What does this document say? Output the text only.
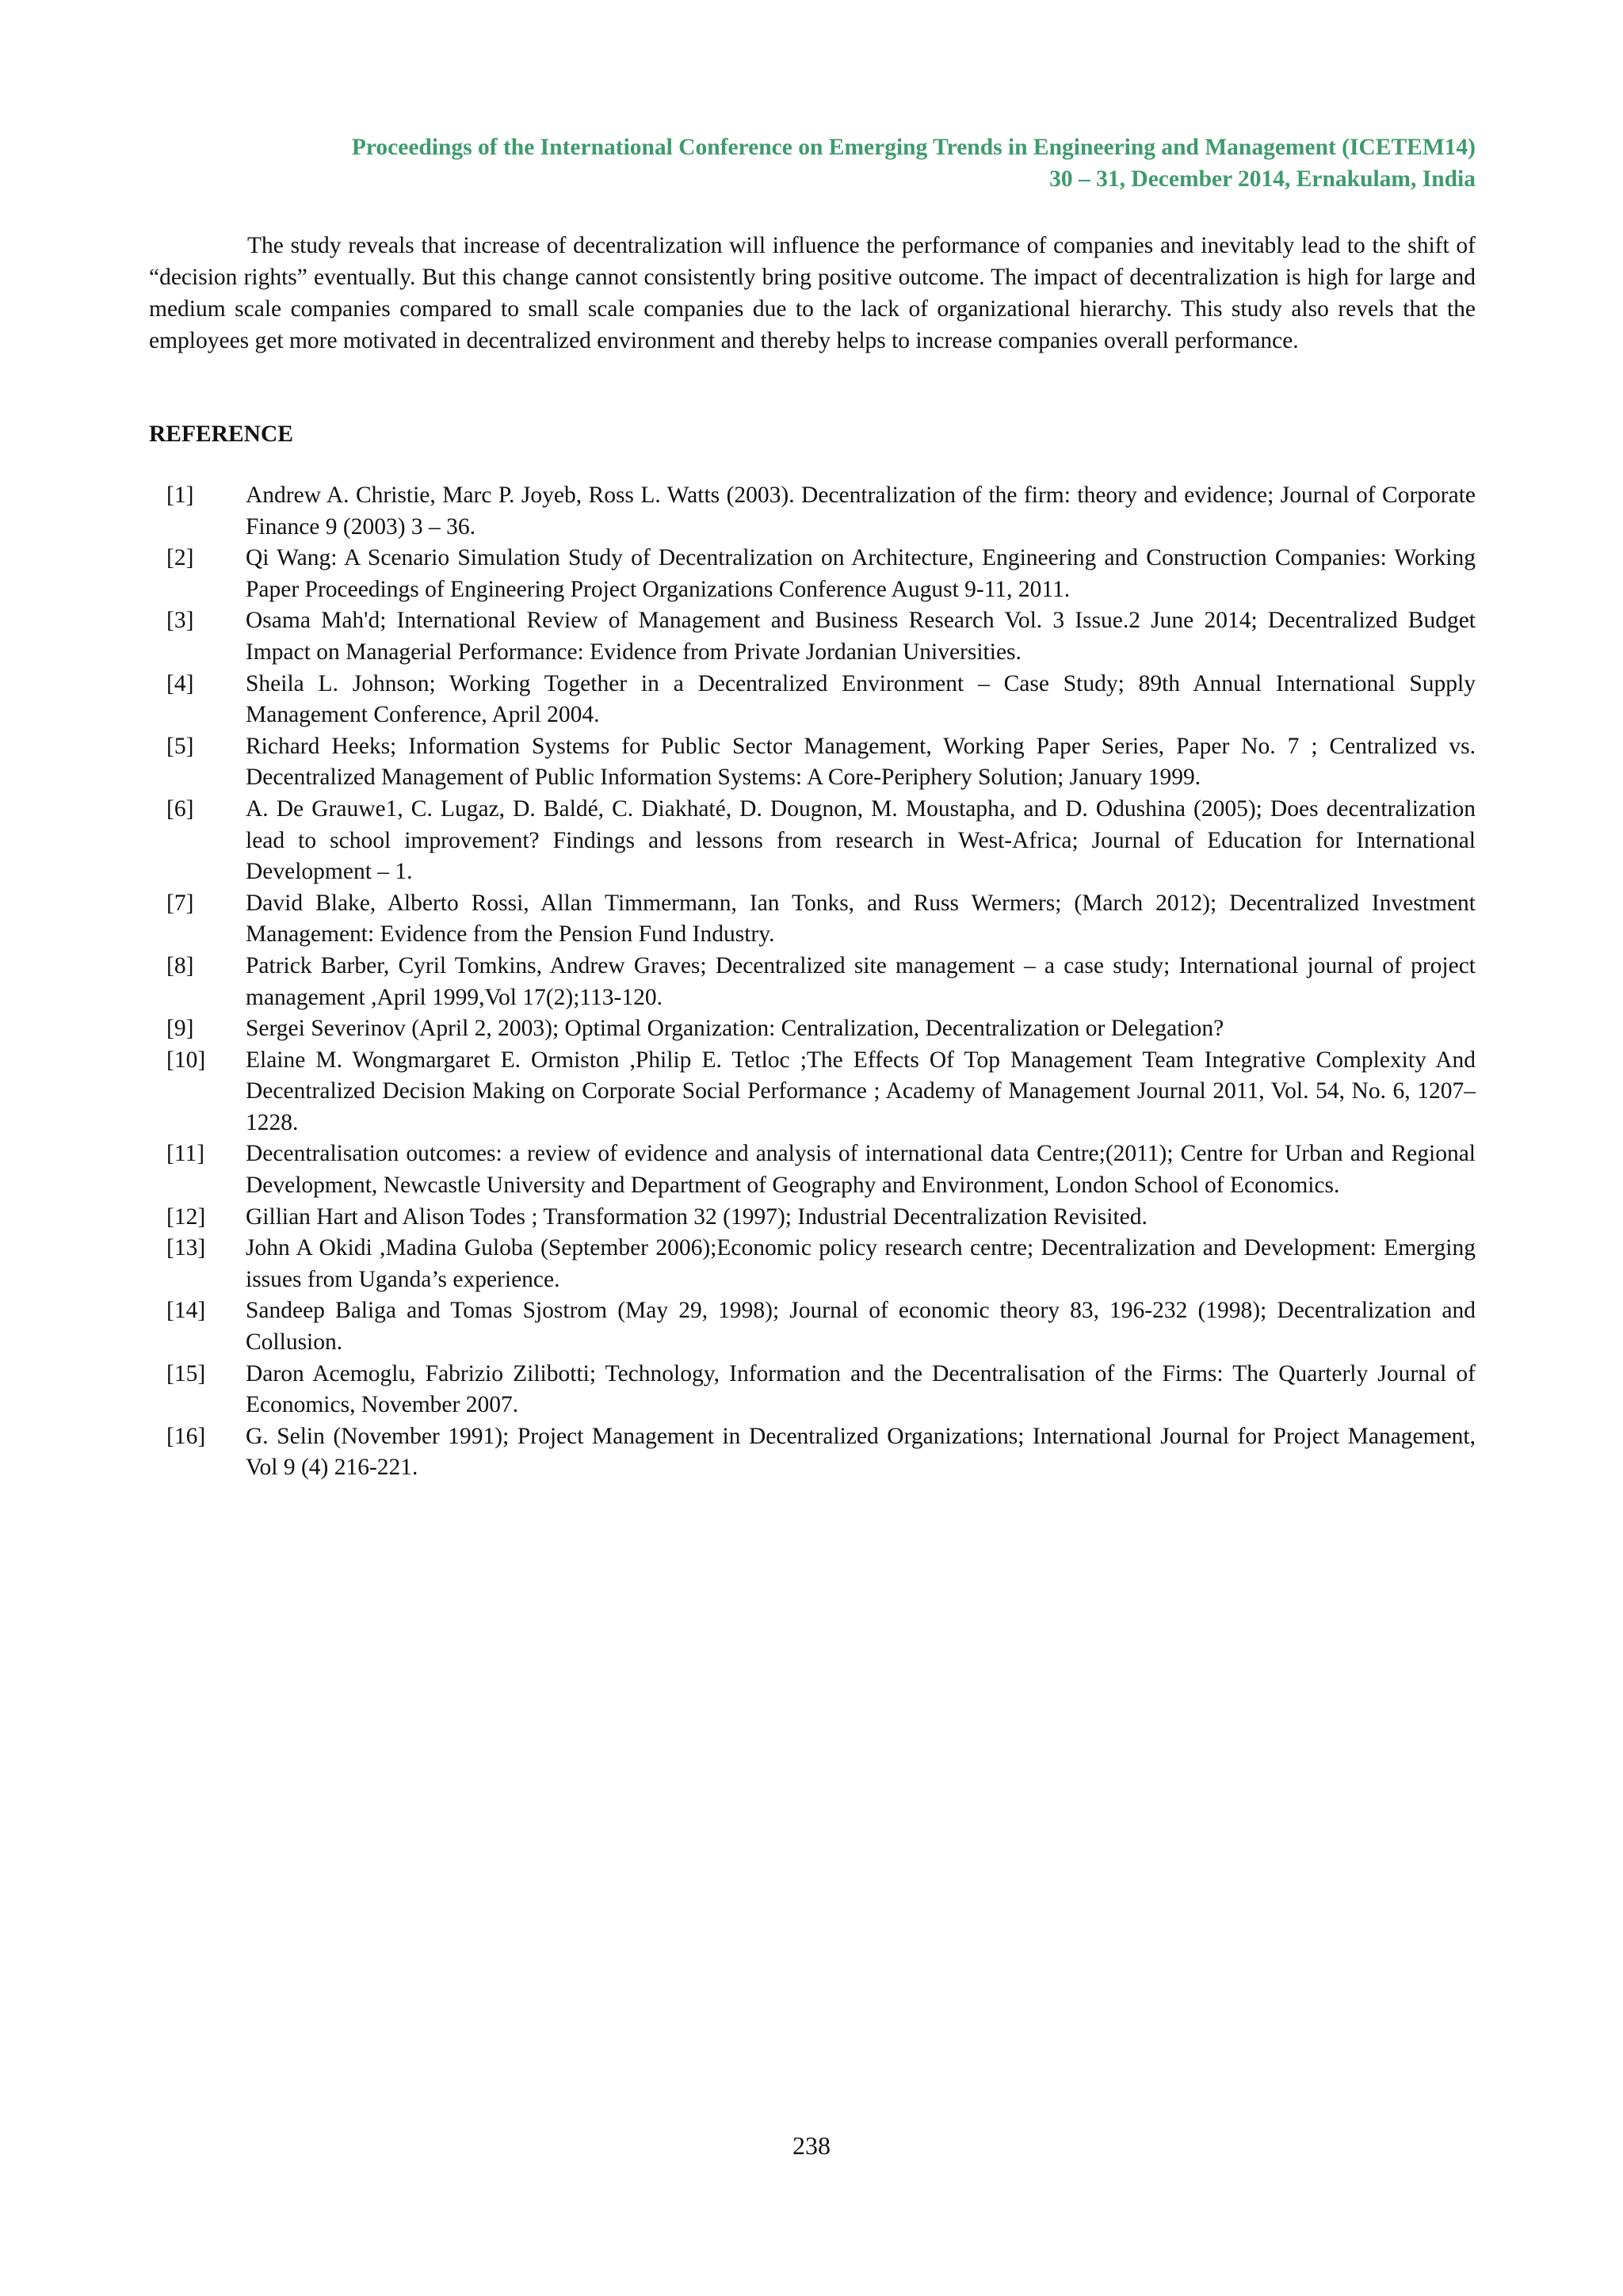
Proceedings of the International Conference on Emerging Trends in Engineering and Management (ICETEM14)
30 – 31, December 2014, Ernakulam, India

The study reveals that increase of decentralization will influence the performance of companies and inevitably lead to the shift of “decision rights” eventually. But this change cannot consistently bring positive outcome. The impact of decentralization is high for large and medium scale companies compared to small scale companies due to the lack of organizational hierarchy. This study also revels that the employees get more motivated in decentralized environment and thereby helps to increase companies overall performance.

REFERENCE
[1]	Andrew A. Christie, Marc P. Joyeb, Ross L. Watts (2003). Decentralization of the firm: theory and evidence; Journal of Corporate Finance 9 (2003) 3 – 36.
[2]	Qi Wang: A Scenario Simulation Study of Decentralization on Architecture, Engineering and Construction Companies: Working Paper Proceedings of Engineering Project Organizations Conference August 9-11, 2011.
[3]	Osama Mah'd; International Review of Management and Business Research Vol. 3 Issue.2 June 2014; Decentralized Budget Impact on Managerial Performance: Evidence from Private Jordanian Universities.
[4]	Sheila L. Johnson; Working Together in a Decentralized Environment – Case Study; 89th Annual International Supply Management Conference, April 2004.
[5]	Richard Heeks; Information Systems for Public Sector Management, Working Paper Series, Paper No. 7 ; Centralized vs. Decentralized Management of Public Information Systems: A Core-Periphery Solution; January 1999.
[6]	A. De Grauwe1, C. Lugaz, D. Baldé, C. Diakhaté, D. Dougnon, M. Moustapha, and D. Odushina (2005); Does decentralization lead to school improvement? Findings and lessons from research in West-Africa; Journal of Education for International Development – 1.
[7]	David Blake, Alberto Rossi, Allan Timmermann, Ian Tonks, and Russ Wermers; (March 2012); Decentralized Investment Management: Evidence from the Pension Fund Industry.
[8]	Patrick Barber, Cyril Tomkins, Andrew Graves; Decentralized site management – a case study; International journal of project management ,April 1999,Vol 17(2);113-120.
[9]	Sergei Severinov (April 2, 2003); Optimal Organization: Centralization, Decentralization or Delegation?
[10]	Elaine M. Wongmargaret E. Ormiston ,Philip E. Tetloc ;The Effects Of Top Management Team Integrative Complexity And Decentralized Decision Making on Corporate Social Performance ; Academy of Management Journal 2011, Vol. 54, No. 6, 1207–1228.
[11]	Decentralisation outcomes: a review of evidence and analysis of international data Centre;(2011); Centre for Urban and Regional Development, Newcastle University and Department of Geography and Environment, London School of Economics.
[12]	Gillian Hart and Alison Todes ; Transformation 32 (1997); Industrial Decentralization Revisited.
[13]	John A Okidi ,Madina Guloba (September 2006);Economic policy research centre; Decentralization and Development: Emerging issues from Uganda’s experience.
[14]	Sandeep Baliga and Tomas Sjostrom (May 29, 1998); Journal of economic theory 83, 196-232 (1998); Decentralization and Collusion.
[15]	Daron Acemoglu, Fabrizio Zilibotti; Technology, Information and the Decentralisation of the Firms: The Quarterly Journal of Economics, November 2007.
[16]	G. Selin (November 1991); Project Management in Decentralized Organizations; International Journal for Project Management, Vol 9 (4) 216-221.
238
